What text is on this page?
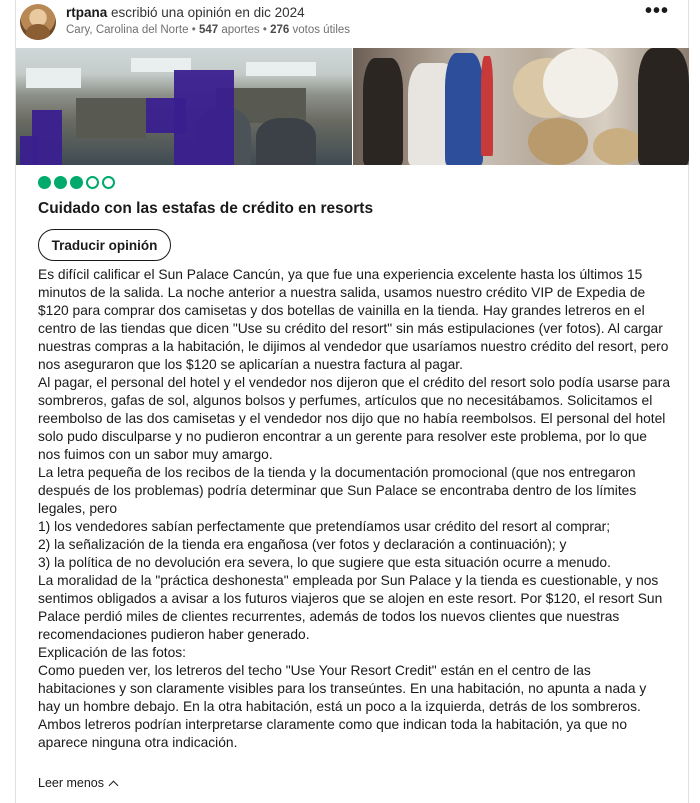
rtpana escribió una opinión en dic 2024
Cary, Carolina del Norte • 547 aportes • 276 votos útiles
•••
Cuidado con las estafas de crédito en resorts
Traducir opinión

Es difícil calificar el Sun Palace Cancún, ya que fue una experiencia excelente hasta los últimos 15 minutos de la salida. La noche anterior a nuestra salida, usamos nuestro crédito VIP de Expedia de $120 para comprar dos camisetas y dos botellas de vainilla en la tienda. Hay grandes letreros en el centro de las tiendas que dicen "Use su crédito del resort" sin más estipulaciones (ver fotos). Al cargar nuestras compras a la habitación, le dijimos al vendedor que usaríamos nuestro crédito del resort, pero nos aseguraron que los $120 se aplicarían a nuestra factura al pagar.

Al pagar, el personal del hotel y el vendedor nos dijeron que el crédito del resort solo podía usarse para sombreros, gafas de sol, algunos bolsos y perfumes, artículos que no necesitábamos. Solicitamos el reembolso de las dos camisetas y el vendedor nos dijo que no había reembolsos. El personal del hotel solo pudo disculparse y no pudieron encontrar a un gerente para resolver este problema, por lo que nos fuimos con un sabor muy amargo.

La letra pequeña de los recibos de la tienda y la documentación promocional (que nos entregaron después de los problemas) podría determinar que Sun Palace se encontraba dentro de los límites legales, pero

1) los vendedores sabían perfectamente que pretendíamos usar crédito del resort al comprar;

2) la señalización de la tienda era engañosa (ver fotos y declaración a continuación); y

3) la política de no devolución era severa, lo que sugiere que esta situación ocurre a menudo.

La moralidad de la "práctica deshonesta" empleada por Sun Palace y la tienda es cuestionable, y nos sentimos obligados a avisar a los futuros viajeros que se alojen en este resort. Por $120, el resort Sun Palace perdió miles de clientes recurrentes, además de todos los nuevos clientes que nuestras recomendaciones pudieron haber generado.

Explicación de las fotos:

Como pueden ver, los letreros del techo "Use Your Resort Credit" están en el centro de las habitaciones y son claramente visibles para los transeúntes. En una habitación, no apunta a nada y hay un hombre debajo. En la otra habitación, está un poco a la izquierda, detrás de los sombreros. Ambos letreros podrían interpretarse claramente como que indican toda la habitación, ya que no aparece ninguna otra indicación.

Leer menos
